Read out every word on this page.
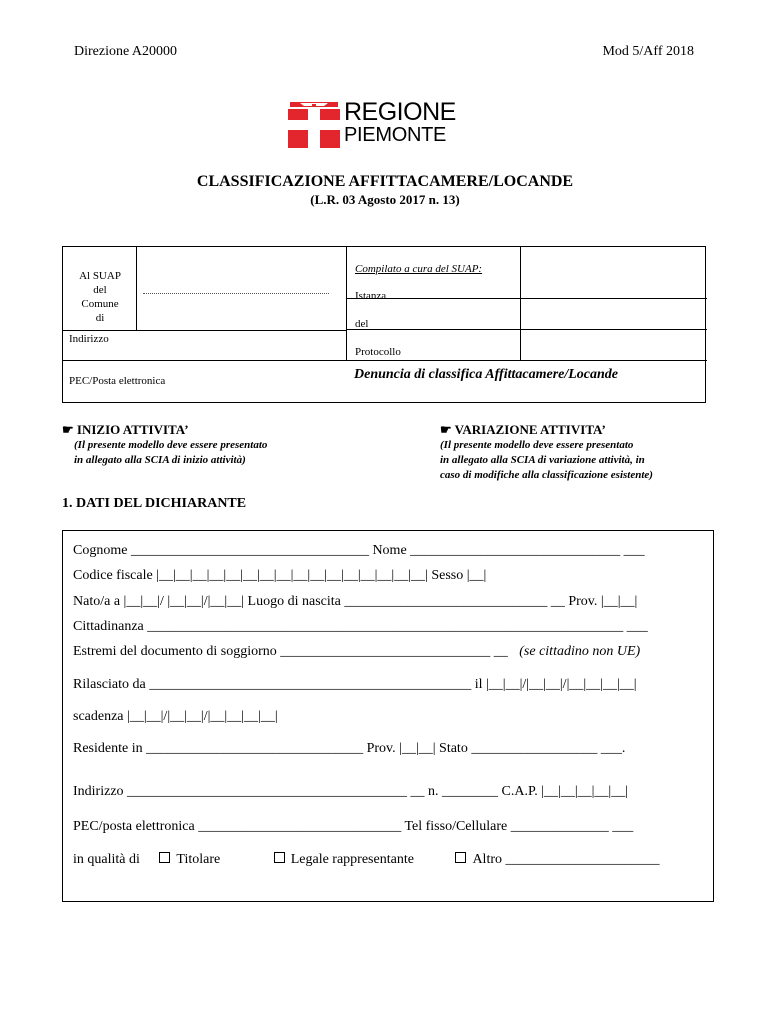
Direzione A20000	Mod 5/Aff 2018
REGIONE
PIEMONTE
CLASSIFICAZIONE AFFITTACAMERE/LOCANDE
(L.R. 03 Agosto 2017 n. 13)
Al SUAP
del
Comune di
Indirizzo
PEC/Posta elettronica
Compilato a cura del SUAP:
Istanza
del
Protocollo
Denuncia di classifica Affittacamere/Locande
☛ INIZIO ATTIVITA’
(Il presente modello deve essere presentato
in allegato alla SCIA di inizio attività)
☛ VARIAZIONE ATTIVITA’
(Il presente modello deve essere presentato
in allegato alla SCIA di variazione attività, in
caso di modifiche alla classificazione esistente)
1. DATI DEL DICHIARANTE
Cognome __________________________________ Nome ______________________________ ___
Codice fiscale |__|__|__|__|__|__|__|__|__|__|__|__|__|__|__|__| Sesso |__|
Nato/a a |__|__|/ |__|__|/|__|__| Luogo di nascita _____________________________ __ Prov. |__|__|
Cittadinanza ____________________________________________________________________ ___
Estremi del documento di soggiorno ______________________________ __ (se cittadino non UE)
Rilasciato da ______________________________________________ il |__|__|/|__|__|/|__|__|__|__|
scadenza |__|__|/|__|__|/|__|__|__|__|
Residente in _______________________________ Prov. |__|__| Stato __________________ ___.
Indirizzo ________________________________________ __ n. ________ C.A.P. |__|__|__|__|__|
PEC/posta elettronica _____________________________ Tel fisso/Cellulare ______________ ___
in qualità di	Titolare	Legale rappresentante	Altro ______________________
